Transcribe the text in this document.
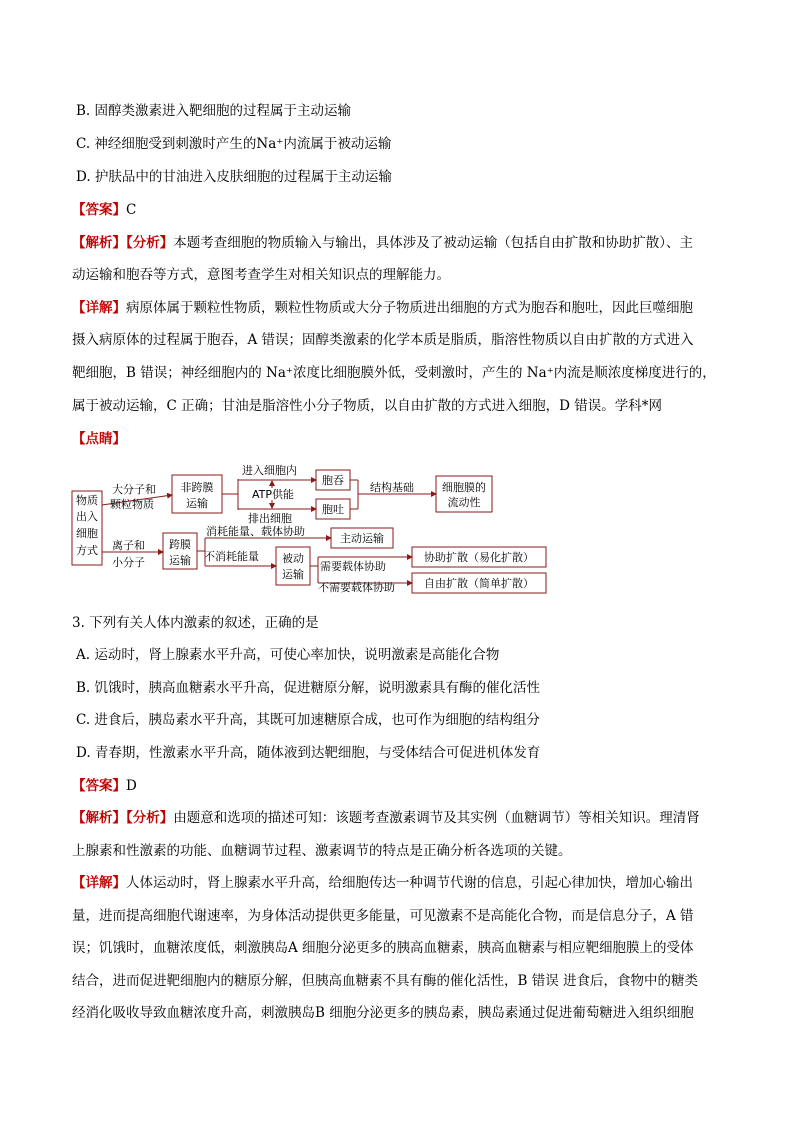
B. 固醇类激素进入靶细胞的过程属于主动运输
C. 神经细胞受到刺激时产生的Na⁺内流属于被动运输
D. 护肤品中的甘油进入皮肤细胞的过程属于主动运输
【答案】C
【解析】【分析】本题考查细胞的物质输入与输出，具体涉及了被动运输（包括自由扩散和协助扩散）、主
动运输和胞吞等方式，意图考查学生对相关知识点的理解能力。
【详解】病原体属于颗粒性物质，颗粒性物质或大分子物质进出细胞的方式为胞吞和胞吐，因此巨噬细胞
摄入病原体的过程属于胞吞，A 错误；固醇类激素的化学本质是脂质，脂溶性物质以自由扩散的方式进入
靶细胞，B 错误；神经细胞内的 Na⁺浓度比细胞膜外低，受刺激时，产生的 Na⁺内流是顺浓度梯度进行的，
属于被动运输，C 正确；甘油是脂溶性小分子物质，以自由扩散的方式进入细胞，D 错误。学科*网
【点睛】
物质
出入
细胞
方式
大分子和
颗粒物质
非跨膜
运输
进入细胞内
ATP供能
排出细胞
胞吞
胞吐
结构基础	细胞膜的
流动性
离子和
小分子
跨膜
运输
消耗能量、载体协助
主动运输
不消耗能量 被动
运输
需要载体协助
协助扩散（易化扩散）
不需要载体协助	自由扩散（简单扩散）
3. 下列有关人体内激素的叙述，正确的是
A. 运动时，肾上腺素水平升高，可使心率加快，说明激素是高能化合物
B. 饥饿时，胰高血糖素水平升高，促进糖原分解，说明激素具有酶的催化活性
C. 进食后，胰岛素水平升高，其既可加速糖原合成，也可作为细胞的结构组分
D. 青春期，性激素水平升高，随体液到达靶细胞，与受体结合可促进机体发育
【答案】D
【解析】【分析】由题意和选项的描述可知：该题考查激素调节及其实例（血糖调节）等相关知识。理清肾
上腺素和性激素的功能、血糖调节过程、激素调节的特点是正确分析各选项的关键。
【详解】人体运动时，肾上腺素水平升高，给细胞传达一种调节代谢的信息，引起心律加快，增加心输出
量，进而提高细胞代谢速率，为身体活动提供更多能量，可见激素不是高能化合物，而是信息分子，A 错
误；饥饿时，血糖浓度低，刺激胰岛A 细胞分泌更多的胰高血糖素，胰高血糖素与相应靶细胞膜上的受体
结合，进而促进靶细胞内的糖原分解，但胰高血糖素不具有酶的催化活性，B 错误 进食后，食物中的糖类
经消化吸收导致血糖浓度升高，刺激胰岛B 细胞分泌更多的胰岛素，胰岛素通过促进葡萄糖进入组织细胞
